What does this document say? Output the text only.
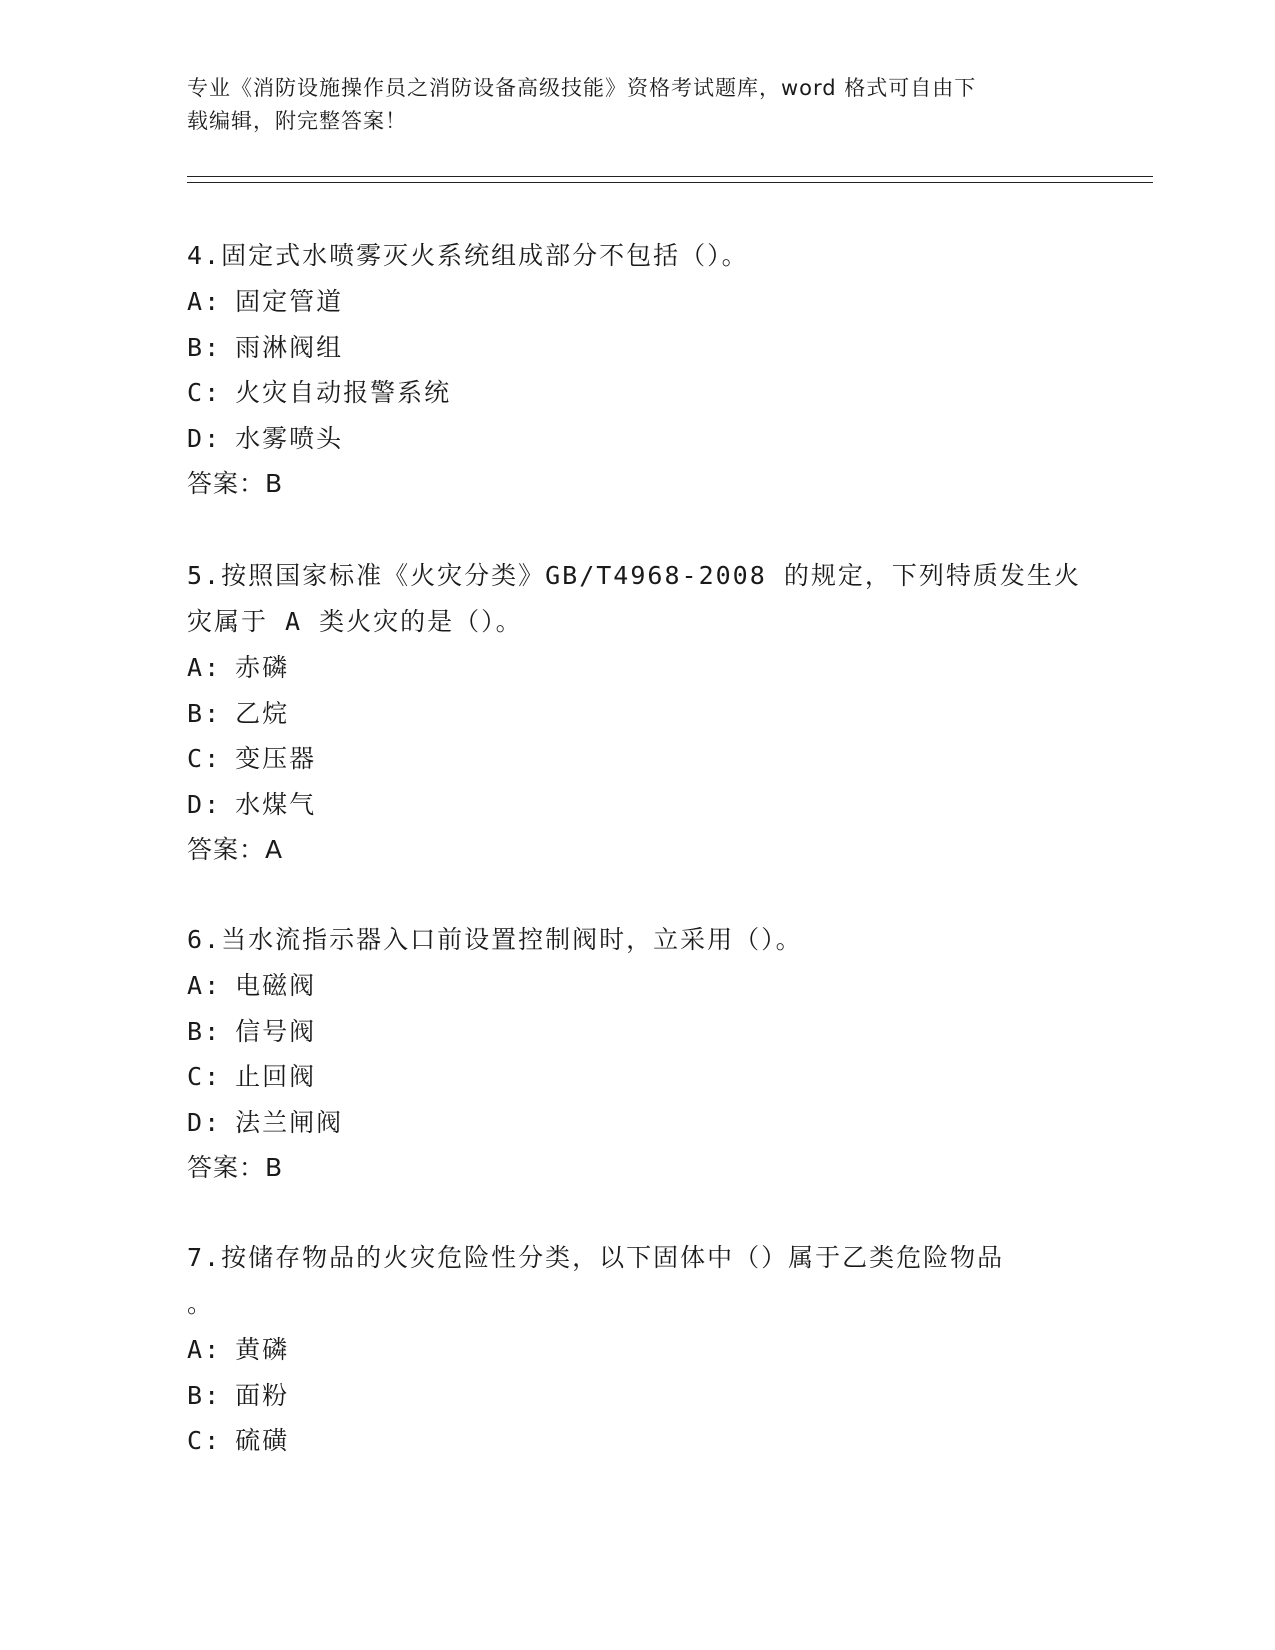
专业《消防设施操作员之消防设备高级技能》资格考试题库，word 格式可自由下
载编辑，附完整答案！
4.固定式水喷雾灭火系统组成部分不包括（）。
A: 固定管道
B: 雨淋阀组
C: 火灾自动报警系统
D: 水雾喷头
答案：B
5.按照国家标准《火灾分类》GB/T4968-2008 的规定，下列特质发生火
灾属于 A 类火灾的是（）。
A: 赤磷
B: 乙烷
C: 变压器
D: 水煤气
答案：A
6.当水流指示器入口前设置控制阀时，立采用（）。
A: 电磁阀
B: 信号阀
C: 止回阀
D: 法兰闸阀
答案：B
7.按储存物品的火灾危险性分类，以下固体中（）属于乙类危险物品
。
A: 黄磷
B: 面粉
C: 硫磺
